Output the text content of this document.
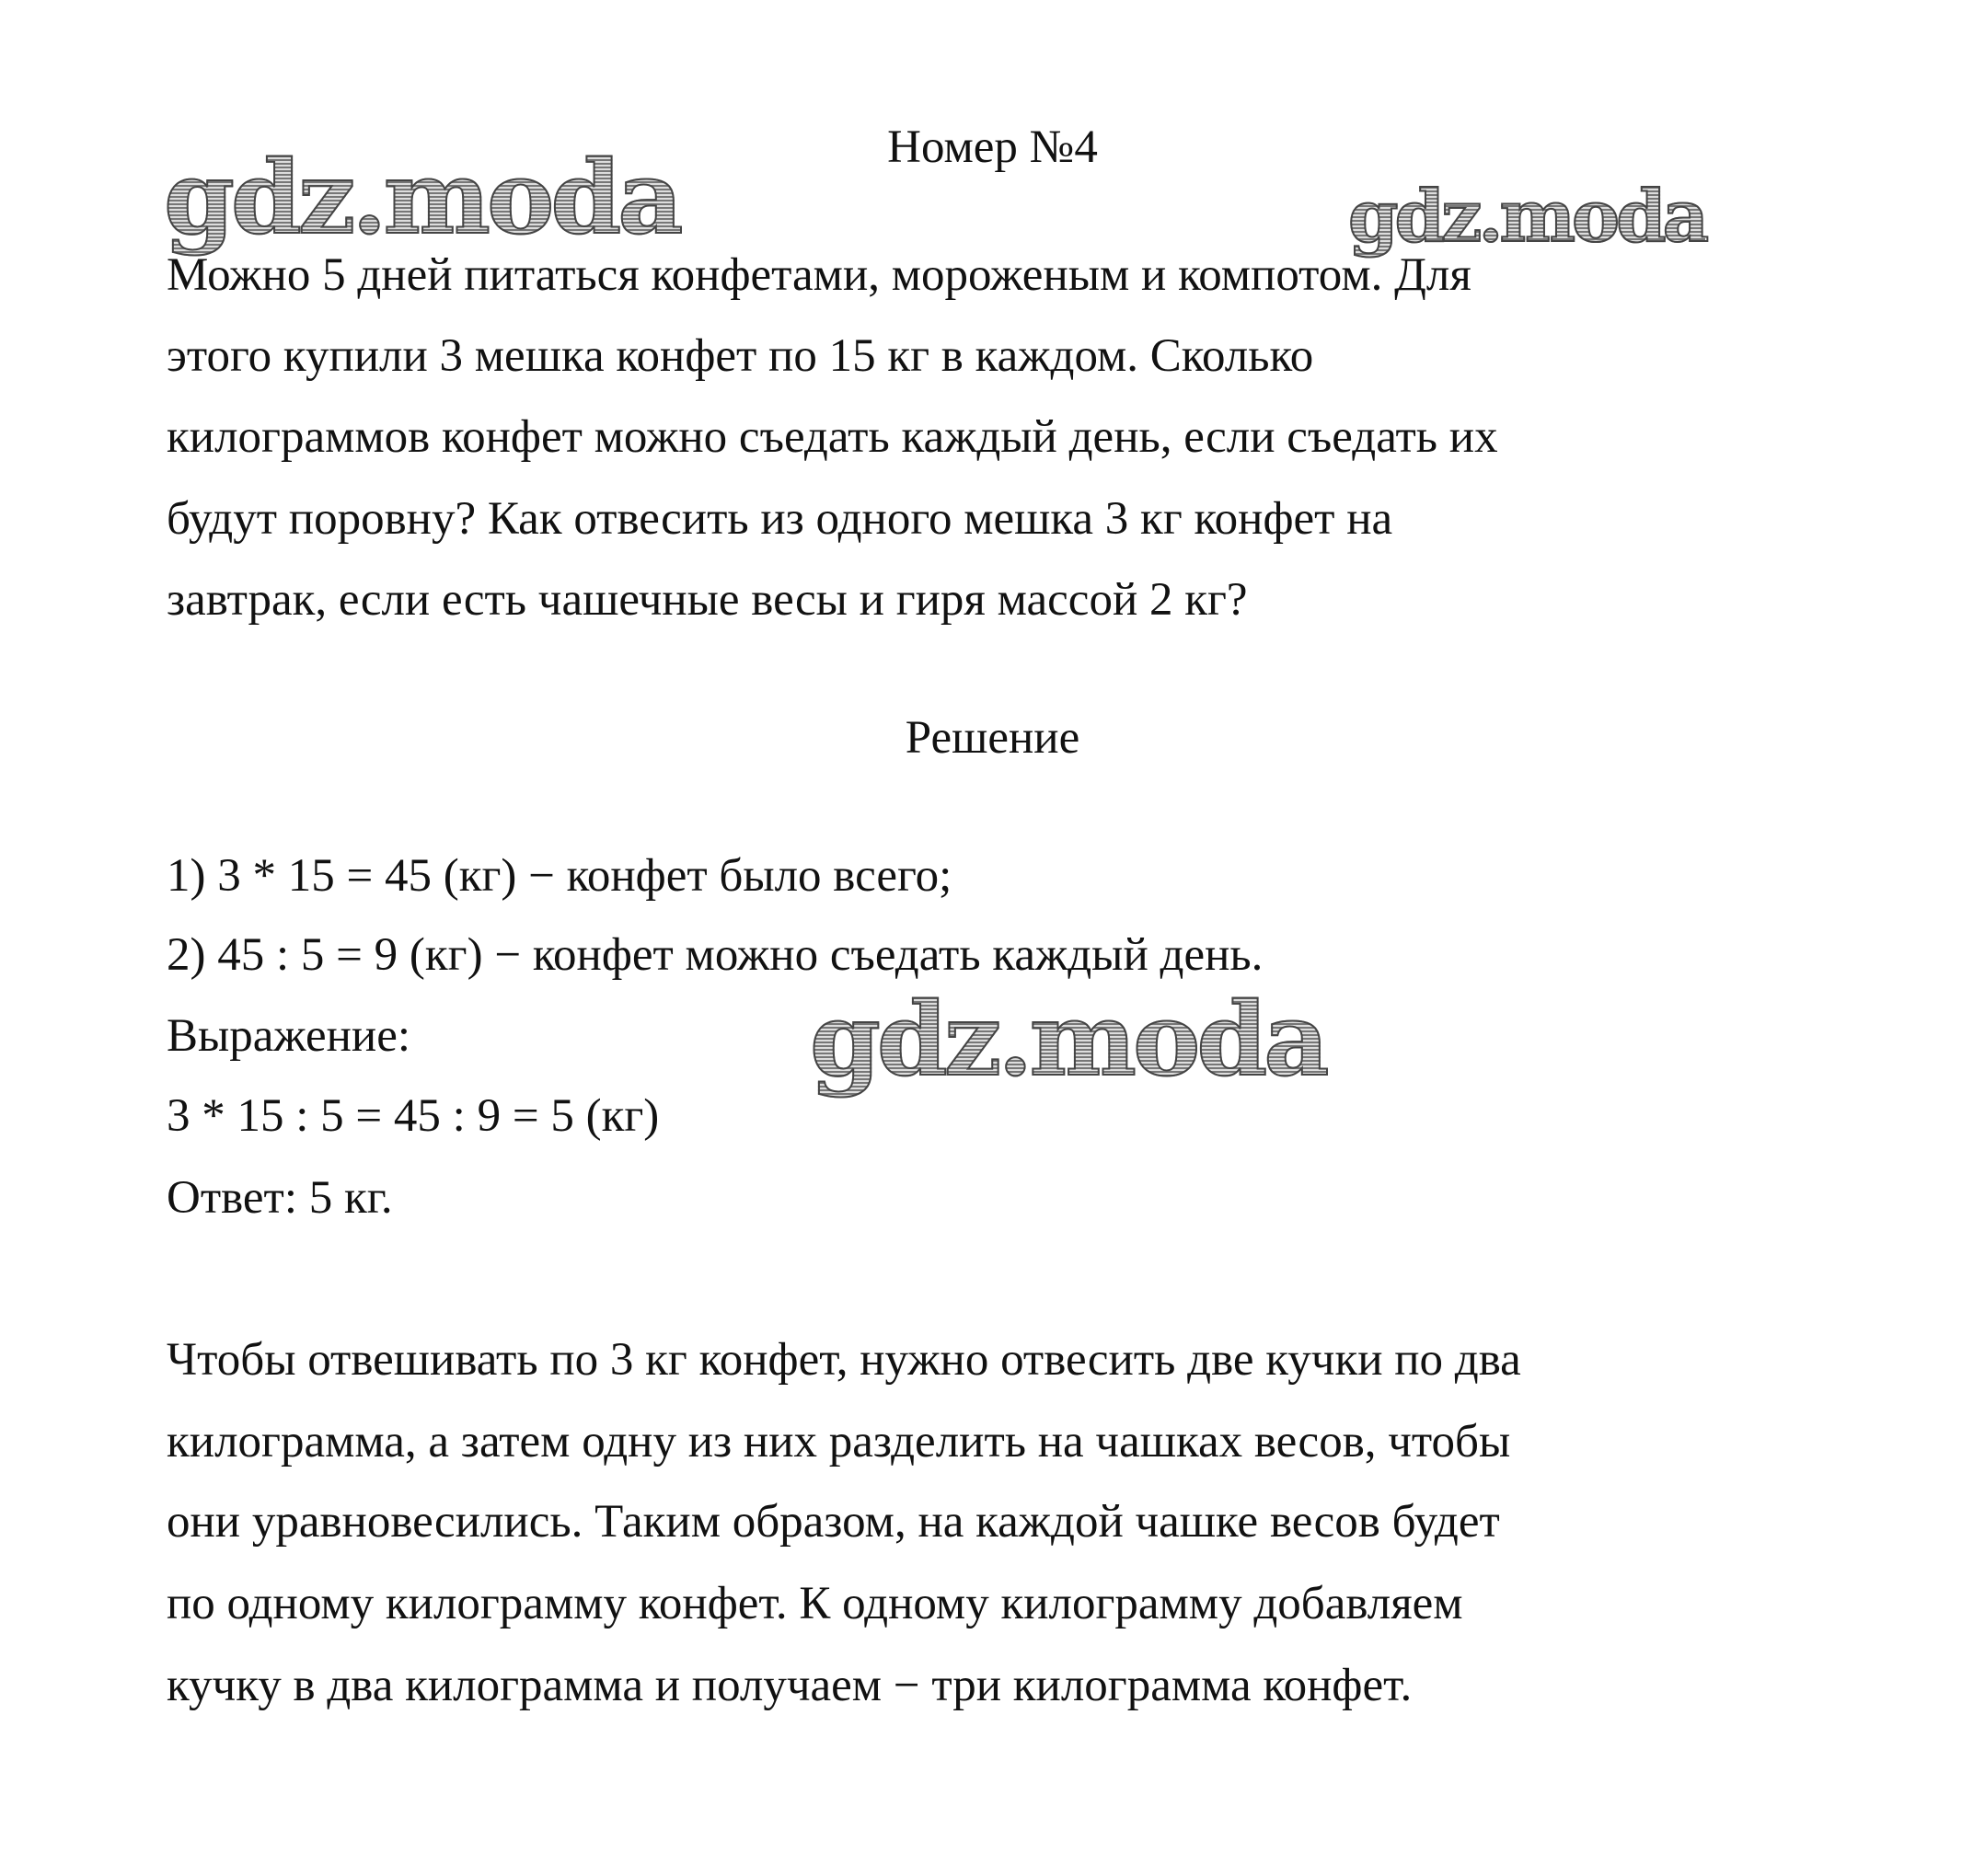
gdz.moda	gdz.moda
gdz.moda
Номер №4
Можно 5 дней питаться конфетами, мороженым и компотом. Для
этого купили 3 мешка конфет по 15 кг в каждом. Сколько
килограммов конфет можно съедать каждый день, если съедать их
будут поровну? Как отвесить из одного мешка 3 кг конфет на
завтрак, если есть чашечные весы и гиря массой 2 кг?
Решение
1) 3 * 15 = 45 (кг) − конфет было всего;
2) 45 : 5 = 9 (кг) − конфет можно съедать каждый день.
Выражение:
3 * 15 : 5 = 45 : 9 = 5 (кг)
Ответ: 5 кг.
Чтобы отвешивать по 3 кг конфет, нужно отвесить две кучки по два
килограмма, а затем одну из них разделить на чашках весов, чтобы
они уравновесились. Таким образом, на каждой чашке весов будет
по одному килограмму конфет. К одному килограмму добавляем
кучку в два килограмма и получаем − три килограмма конфет.
